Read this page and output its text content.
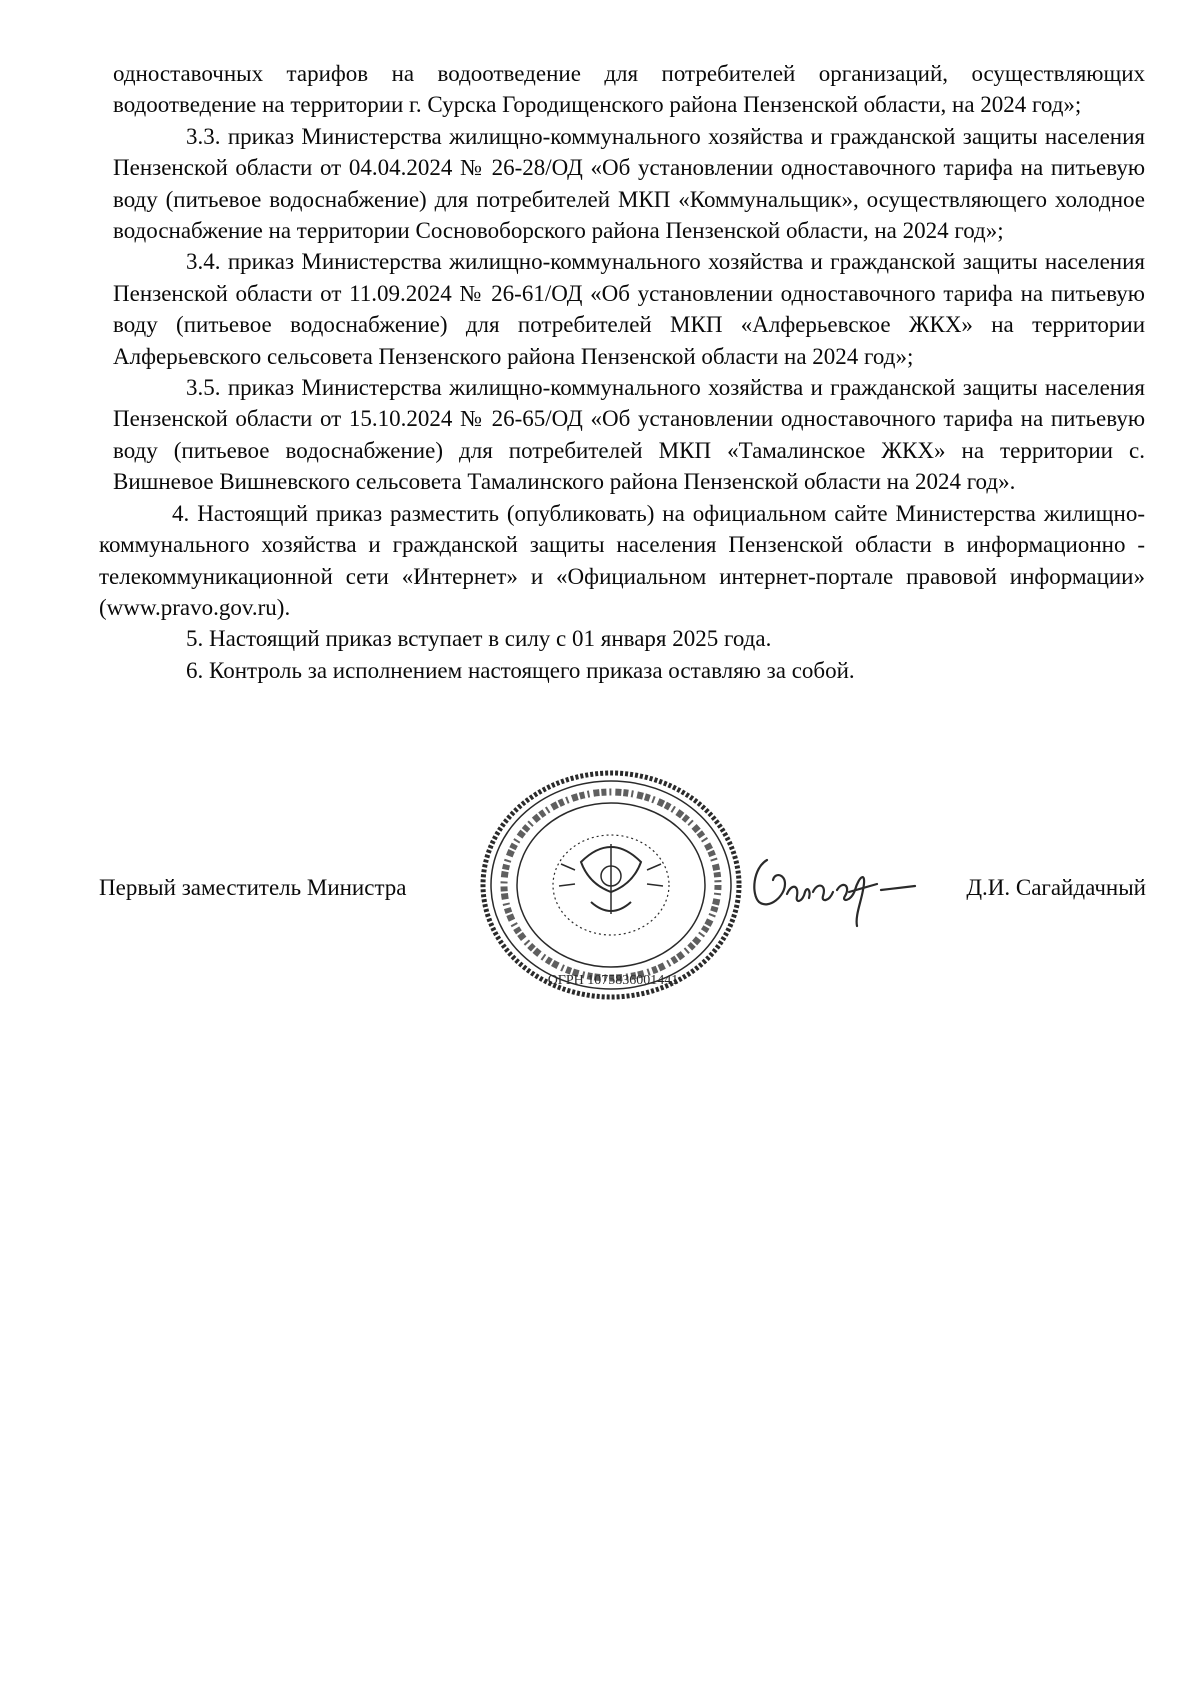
одноставочных тарифов на водоотведение для потребителей организаций, осуществляющих водоотведение на территории г. Сурска Городищенского района Пензенской области, на 2024 год»;

3.3. приказ Министерства жилищно-коммунального хозяйства и гражданской защиты населения Пензенской области от 04.04.2024 № 26-28/ОД «Об установлении одноставочного тарифа на питьевую воду (питьевое водоснабжение) для потребителей МКП «Коммунальщик», осуществляющего холодное водоснабжение на территории Сосновоборского района Пензенской области, на 2024 год»;

3.4. приказ Министерства жилищно-коммунального хозяйства и гражданской защиты населения Пензенской области от 11.09.2024 № 26-61/ОД «Об установлении одноставочного тарифа на питьевую воду (питьевое водоснабжение) для потребителей МКП «Алферьевское ЖКХ» на территории Алферьевского сельсовета Пензенского района Пензенской области на 2024 год»;

3.5. приказ Министерства жилищно-коммунального хозяйства и гражданской защиты населения Пензенской области от 15.10.2024 № 26-65/ОД «Об установлении одноставочного тарифа на питьевую воду (питьевое водоснабжение) для потребителей МКП «Тамалинское ЖКХ» на территории с. Вишневое Вишневского сельсовета Тамалинского района Пензенской области на 2024 год».

4. Настоящий приказ разместить (опубликовать) на официальном сайте Министерства жилищно-коммунального хозяйства и гражданской защиты населения Пензенской области в информационно - телекоммуникационной сети «Интернет» и «Официальном интернет-портале правовой информации» (www.pravo.gov.ru).

5. Настоящий приказ вступает в силу с 01 января 2025 года.

6. Контроль за исполнением настоящего приказа оставляю за собой.

Первый заместитель Министра	Д.И. Сагайдачный
ОГРН 1075836001441
